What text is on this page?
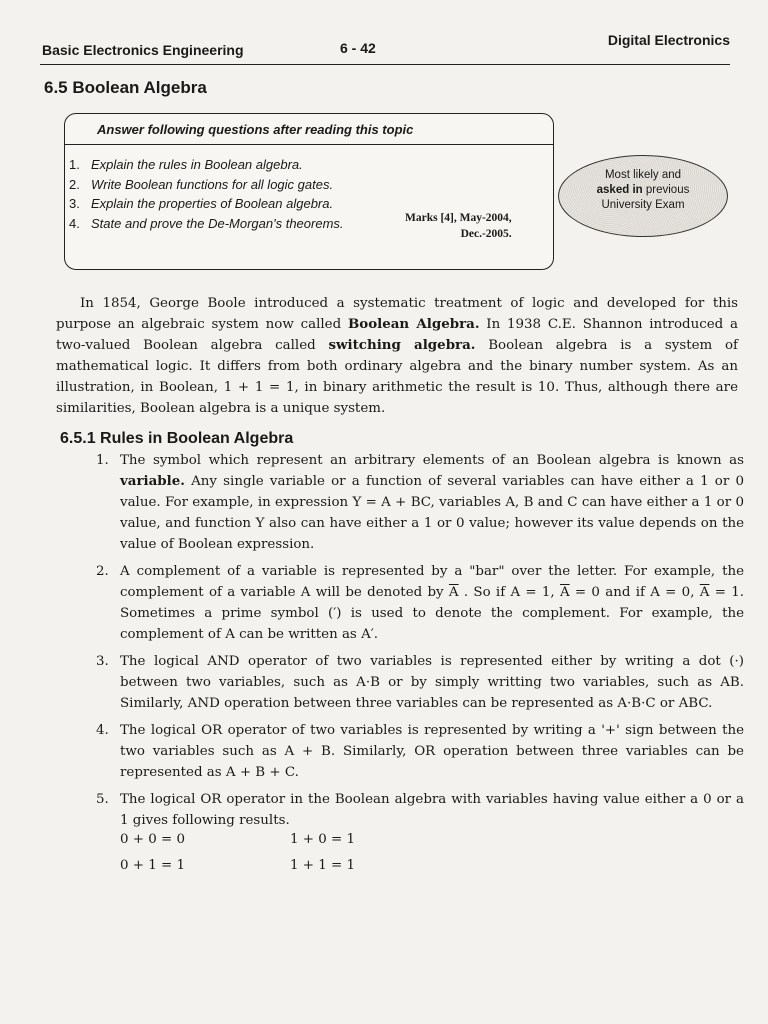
Basic Electronics Engineering	6 - 42	Digital Electronics
6.5 Boolean Algebra
Answer following questions after reading this topic
1. Explain the rules in Boolean algebra.
2. Write Boolean functions for all logic gates.
3. Explain the properties of Boolean algebra.
4. State and prove the De-Morgan's theorems.	Marks [4], May-2004,
Dec.-2005.
Most likely and
asked in previous
University Exam

In 1854, George Boole introduced a systematic treatment of logic and developed for this purpose an algebraic system now called Boolean Algebra. In 1938 C.E. Shannon introduced a two-valued Boolean algebra called switching algebra. Boolean algebra is a system of mathematical logic. It differs from both ordinary algebra and the binary number system. As an illustration, in Boolean, 1 + 1 = 1, in binary arithmetic the result is 10. Thus, although there are similarities, Boolean algebra is a unique system.

6.5.1 Rules in Boolean Algebra
1. The symbol which represent an arbitrary elements of an Boolean algebra is known as variable. Any single variable or a function of several variables can have either a 1 or 0 value. For example, in expression Y = A + BC, variables A, B and C can have either a 1 or 0 value, and function Y also can have either a 1 or 0 value; however its value depends on the value of Boolean expression.
2. A complement of a variable is represented by a "bar" over the letter. For example, the complement of a variable A will be denoted by $\overline{A}$ . So if A = 1, $\overline{A} = 0$ and if A = 0, $\overline{A} = 1$. Sometimes a prime symbol (′) is used to denote the complement. For example, the complement of A can be written as A′.
3. The logical AND operator of two variables is represented either by writing a dot (·) between two variables, such as A·B or by simply writting two variables, such as AB. Similarly, AND operation between three variables can be represented as A·B·C or ABC.
4. The logical OR operator of two variables is represented by writing a '+' sign between the two variables such as A + B. Similarly, OR operation between three variables can be represented as A + B + C.
5. The logical OR operator in the Boolean algebra with variables having value either a 0 or a 1 gives following results.
0 + 0 = 0	1 + 0 = 1
0 + 1 = 1	1 + 1 = 1
